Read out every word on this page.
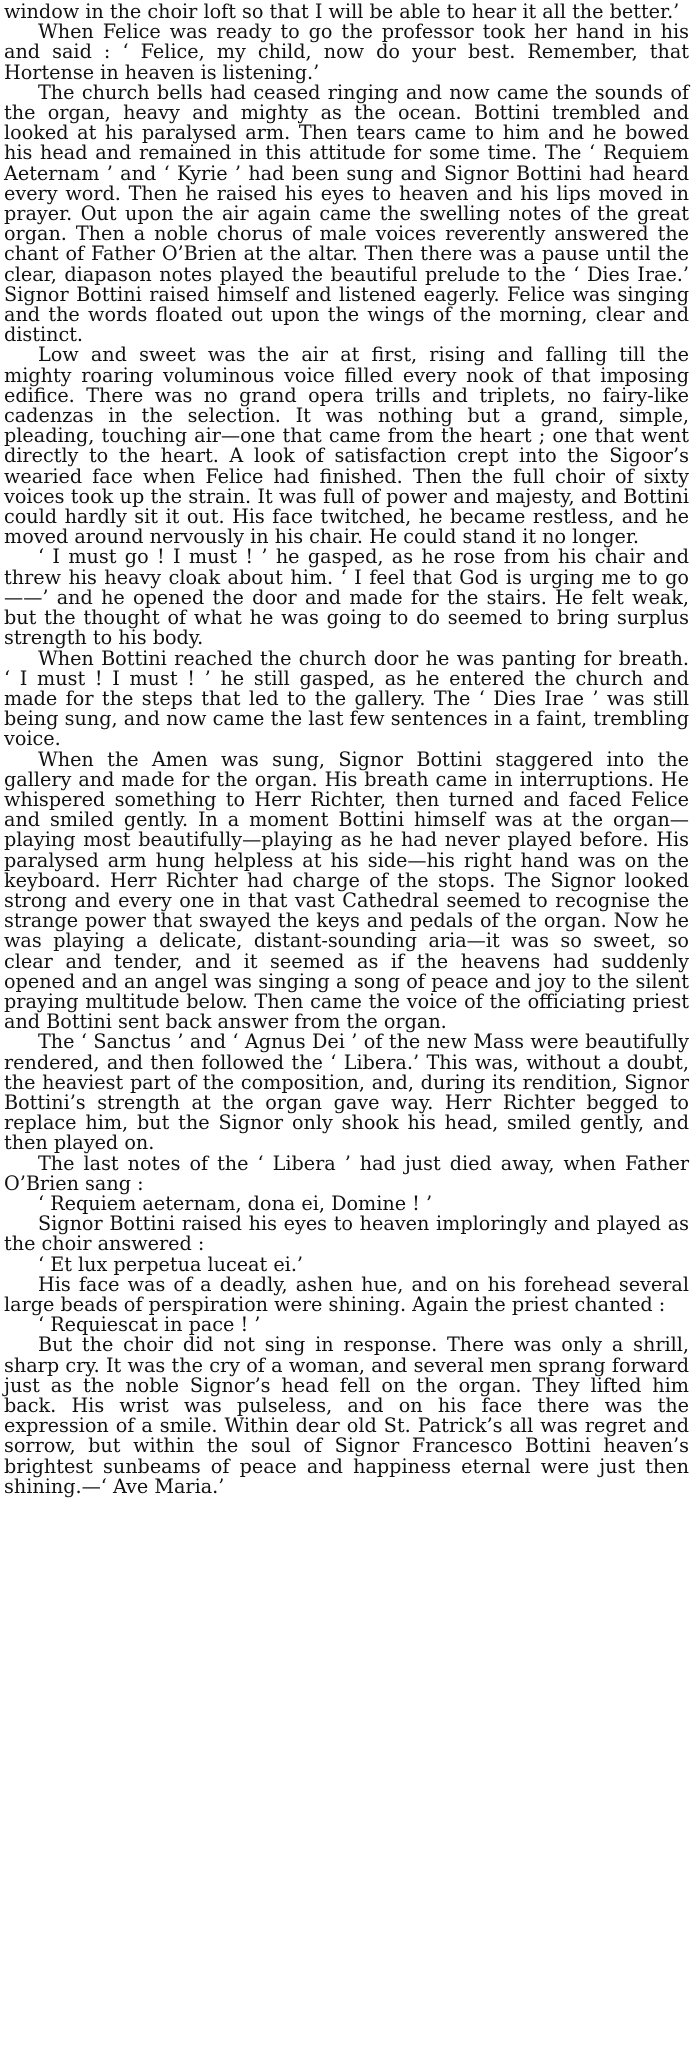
window in the choir loft so that I will be able to hear it all the better.’

When Felice was ready to go the professor took her hand in his and said : ‘ Felice, my child, now do your best. Remember, that Hortense in heaven is listening.’

The church bells had ceased ringing and now came the sounds of the organ, heavy and mighty as the ocean. Bottini trembled and looked at his paralysed arm. Then tears came to him and he bowed his head and remained in this attitude for some time. The ‘ Requiem Aeternam ’ and ‘ Kyrie ’ had been sung and Signor Bottini had heard every word. Then he raised his eyes to heaven and his lips moved in prayer. Out upon the air again came the swelling notes of the great organ. Then a noble chorus of male voices reverently answered the chant of Father O’Brien at the altar. Then there was a pause until the clear, diapason notes played the beautiful prelude to the ‘ Dies Irae.’ Signor Bottini raised himself and listened eagerly. Felice was singing and the words floated out upon the wings of the morning, clear and distinct.

Low and sweet was the air at first, rising and falling till the mighty roaring voluminous voice filled every nook of that imposing edifice. There was no grand opera trills and triplets, no fairy-like cadenzas in the selection. It was nothing but a grand, simple, pleading, touching air—one that came from the heart ; one that went directly to the heart. A look of satisfaction crept into the Sigoor’s wearied face when Felice had finished. Then the full choir of sixty voices took up the strain. It was full of power and majesty, and Bottini could hardly sit it out. His face twitched, he became restless, and he moved around nervously in his chair. He could stand it no longer.

‘ I must go ! I must ! ’ he gasped, as he rose from his chair and threw his heavy cloak about him. ‘ I feel that God is urging me to go——’ and he opened the door and made for the stairs. He felt weak, but the thought of what he was going to do seemed to bring surplus strength to his body.

When Bottini reached the church door he was panting for breath. ‘ I must ! I must ! ’ he still gasped, as he entered the church and made for the steps that led to the gallery. The ‘ Dies Irae ’ was still being sung, and now came the last few sentences in a faint, trembling voice.

When the Amen was sung, Signor Bottini staggered into the gallery and made for the organ. His breath came in interruptions. He whispered something to Herr Richter, then turned and faced Felice and smiled gently. In a moment Bottini himself was at the organ—playing most beautifully—playing as he had never played before. His paralysed arm hung helpless at his side—his right hand was on the keyboard. Herr Richter had charge of the stops. The Signor looked strong and every one in that vast Cathedral seemed to recognise the strange power that swayed the keys and pedals of the organ. Now he was playing a delicate, distant-sounding aria—it was so sweet, so clear and tender, and it seemed as if the heavens had suddenly opened and an angel was singing a song of peace and joy to the silent praying multitude below. Then came the voice of the officiating priest and Bottini sent back answer from the organ.

The ‘ Sanctus ’ and ‘ Agnus Dei ’ of the new Mass were beautifully rendered, and then followed the ‘ Libera.’ This was, without a doubt, the heaviest part of the composition, and, during its rendition, Signor Bottini’s strength at the organ gave way. Herr Richter begged to replace him, but the Signor only shook his head, smiled gently, and then played on.

The last notes of the ‘ Libera ’ had just died away, when Father O’Brien sang :

‘ Requiem aeternam, dona ei, Domine ! ’

Signor Bottini raised his eyes to heaven imploringly and played as the choir answered :

‘ Et lux perpetua luceat ei.’

His face was of a deadly, ashen hue, and on his forehead several large beads of perspiration were shining. Again the priest chanted :

‘ Requiescat in pace ! ’

But the choir did not sing in response. There was only a shrill, sharp cry. It was the cry of a woman, and several men sprang forward just as the noble Signor’s head fell on the organ. They lifted him back. His wrist was pulseless, and on his face there was the expression of a smile. Within dear old St. Patrick’s all was regret and sorrow, but within the soul of Signor Francesco Bottini heaven’s brightest sunbeams of peace and happiness eternal were just then shining.—‘ Ave Maria.’
